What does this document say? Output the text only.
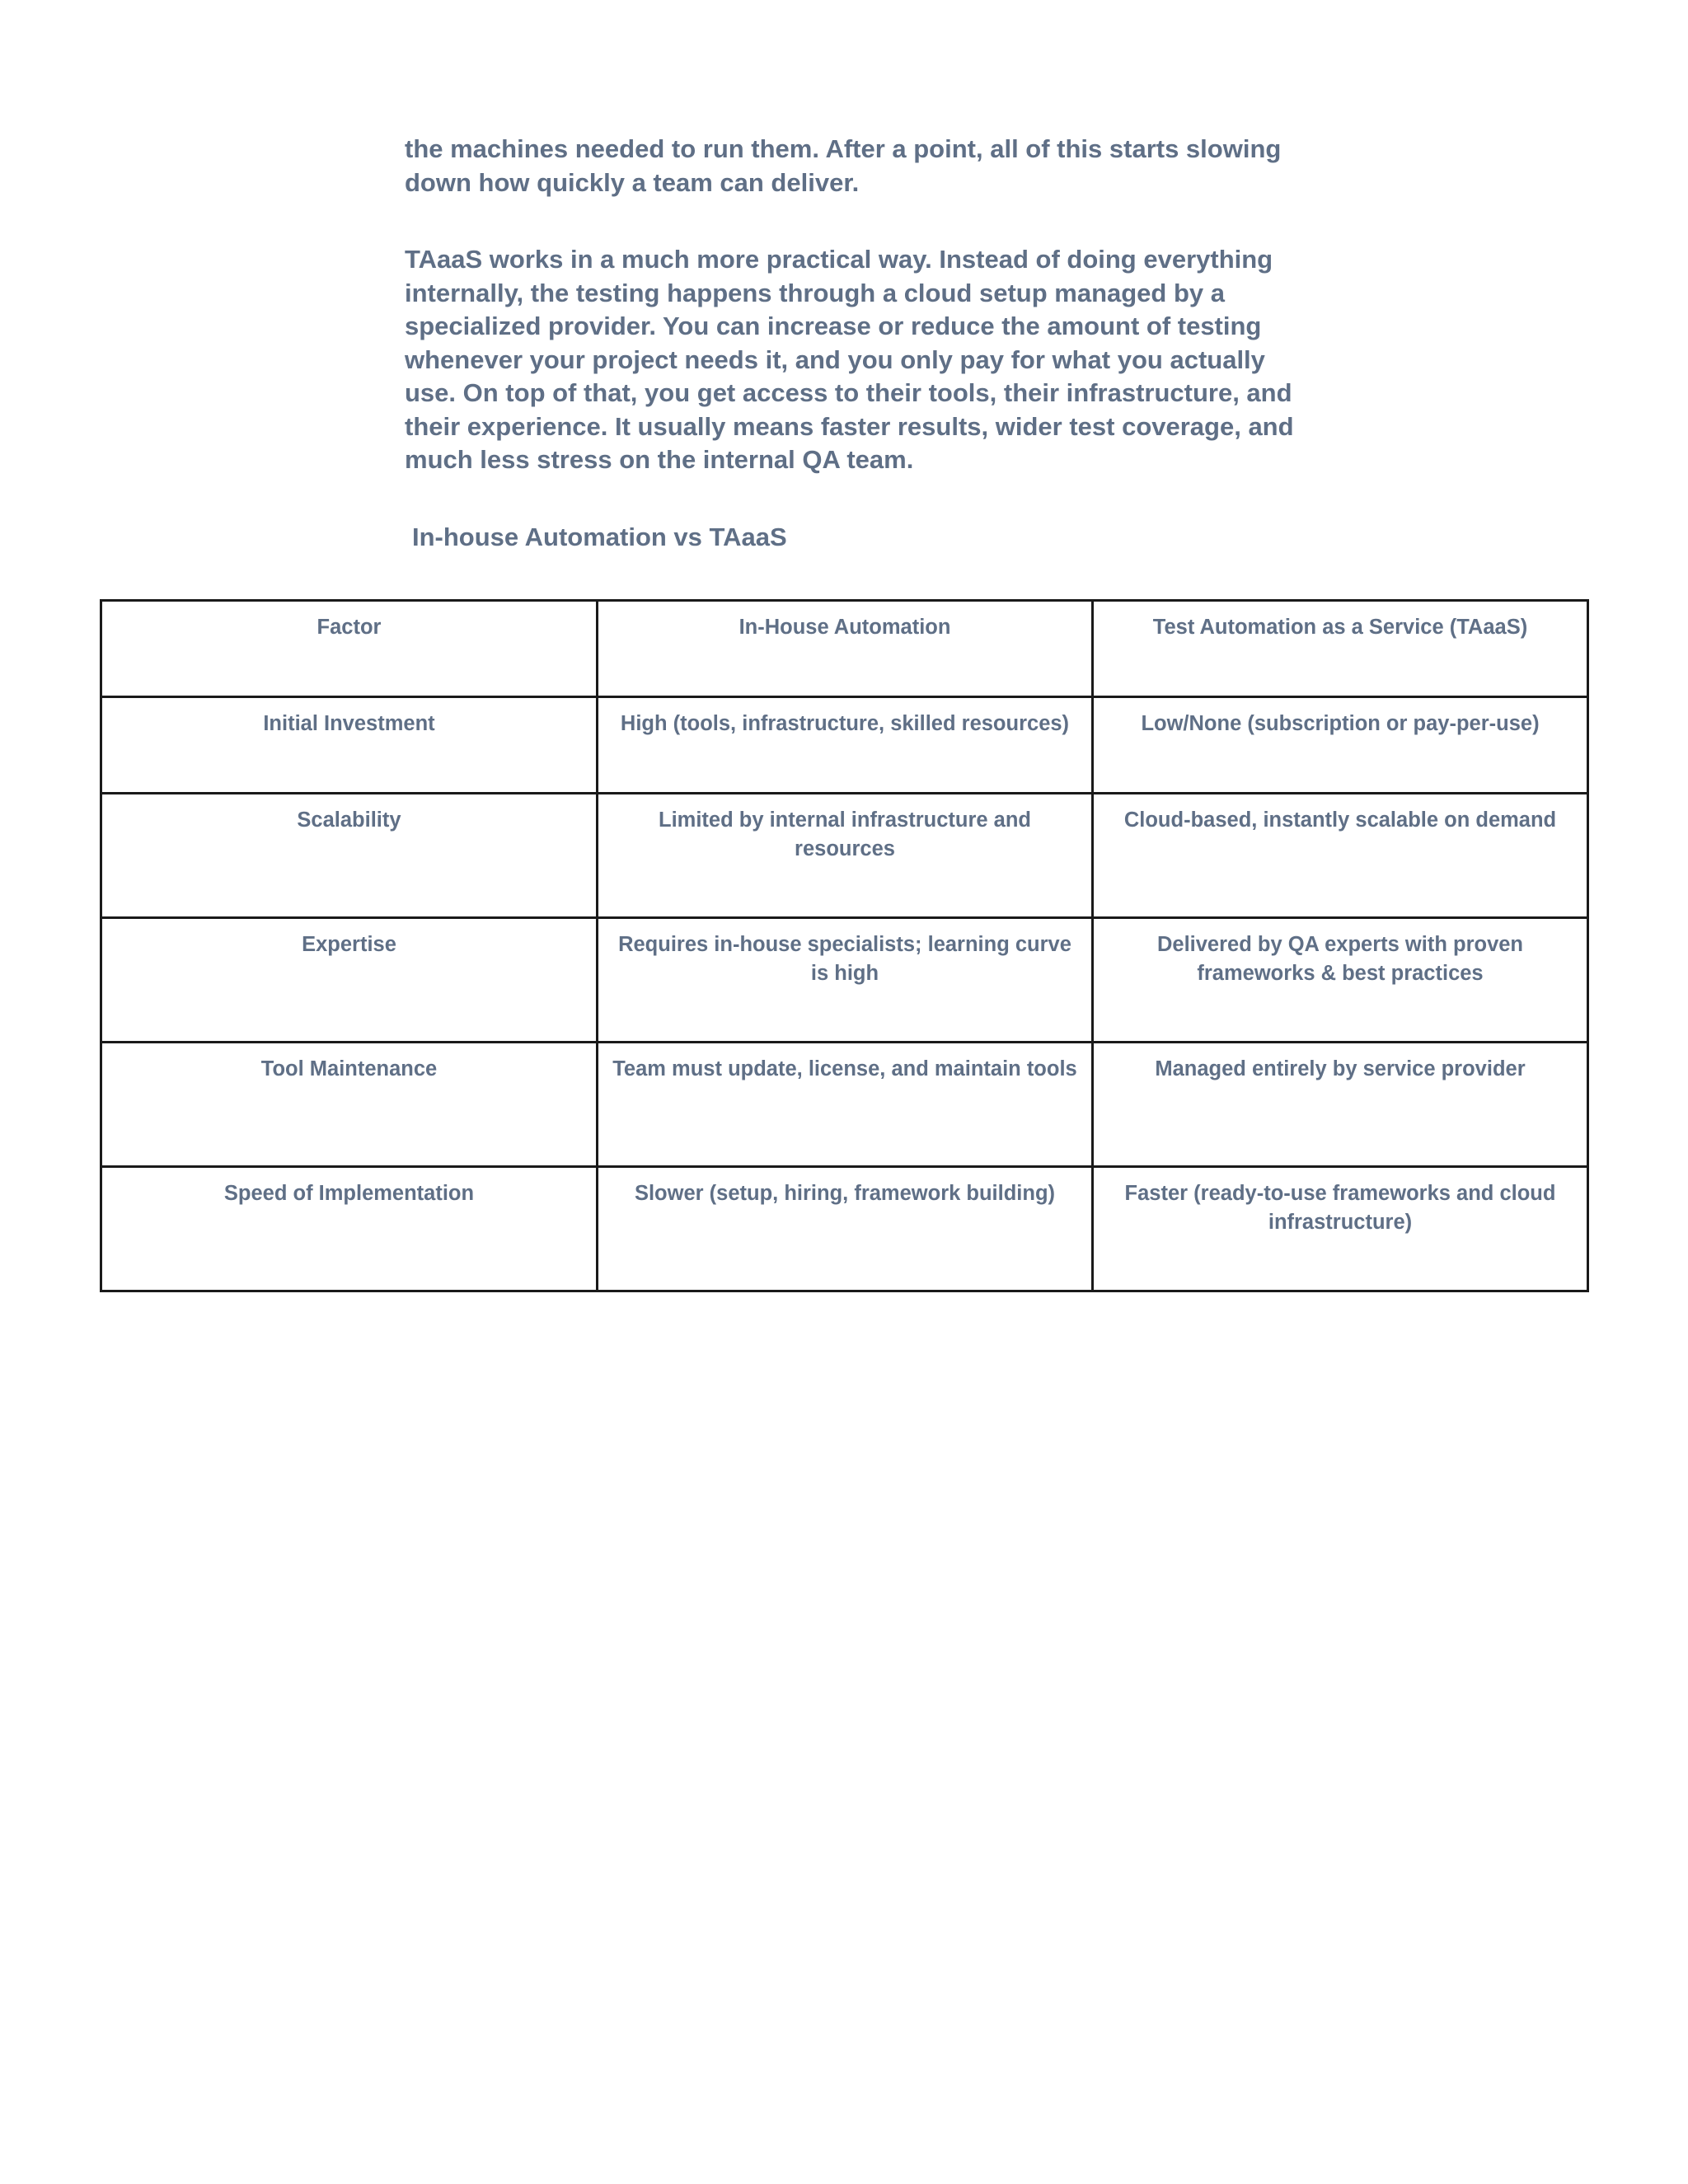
the machines needed to run them. After a point, all of this starts slowing down how quickly a team can deliver.

TAaaS works in a much more practical way. Instead of doing everything internally, the testing happens through a cloud setup managed by a specialized provider. You can increase or reduce the amount of testing whenever your project needs it, and you only pay for what you actually use. On top of that, you get access to their tools, their infrastructure, and their experience. It usually means faster results, wider test coverage, and much less stress on the internal QA team.

In-house Automation vs TAaaS
Factor	In-House Automation	Test Automation as a Service (TAaaS)
Initial Investment	High (tools, infrastructure, skilled resources)	Low/None (subscription or pay-per-use)
Scalability	Limited by internal infrastructure and resources	Cloud-based, instantly scalable on demand
Expertise	Requires in-house specialists; learning curve is high	Delivered by QA experts with proven frameworks & best practices
Tool Maintenance	Team must update, license, and maintain tools	Managed entirely by service provider
Speed of Implementation	Slower (setup, hiring, framework building)	Faster (ready-to-use frameworks and cloud infrastructure)
